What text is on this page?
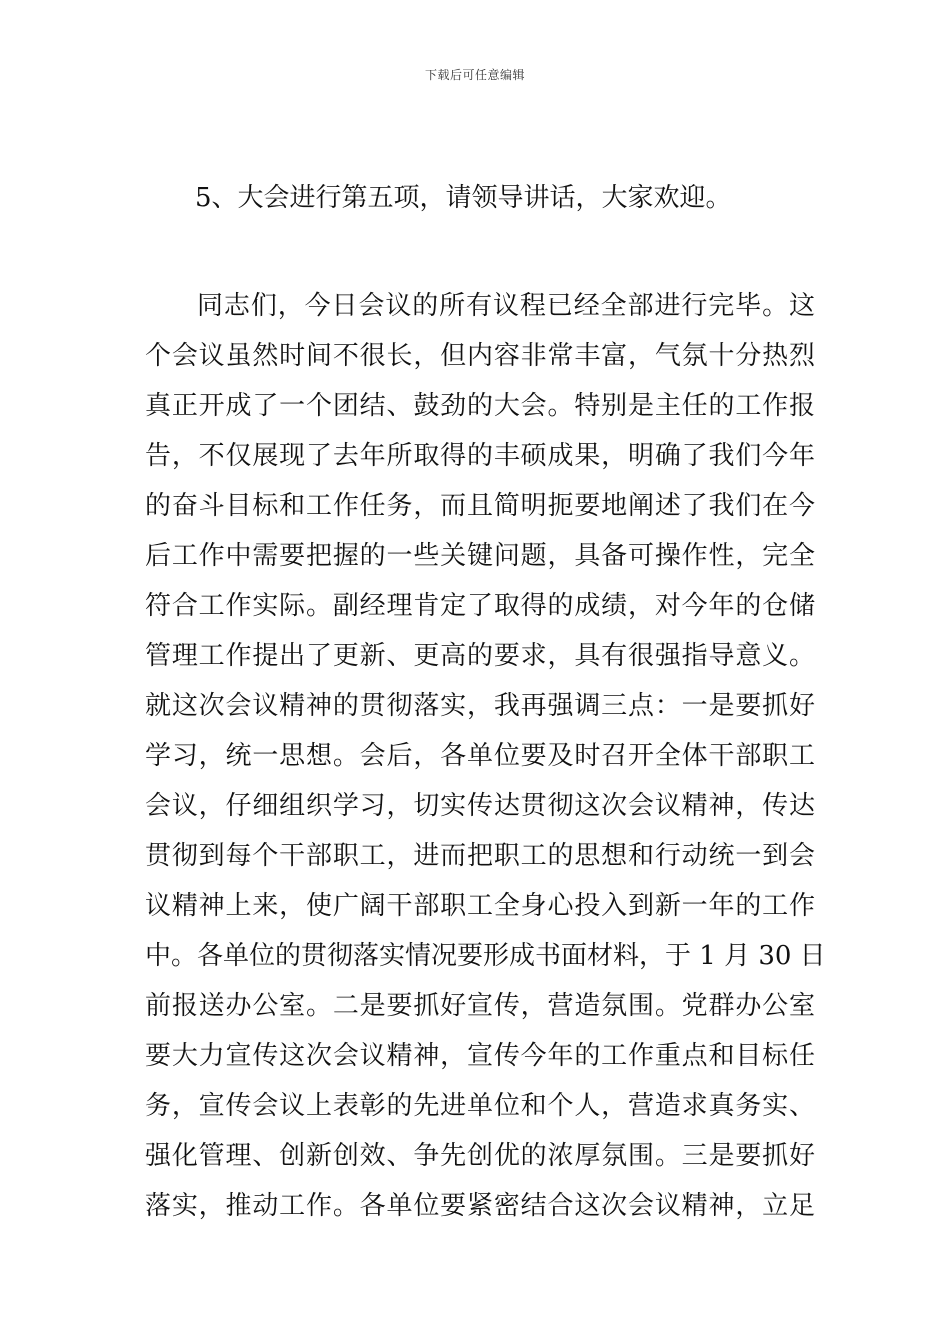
下载后可任意编辑
5、大会进行第五项，请领导讲话，大家欢迎。
同志们，今日会议的所有议程已经全部进行完毕。这
个会议虽然时间不很长，但内容非常丰富，气氛十分热烈
真正开成了一个团结、鼓劲的大会。特别是主任的工作报
告，不仅展现了去年所取得的丰硕成果，明确了我们今年
的奋斗目标和工作任务，而且简明扼要地阐述了我们在今
后工作中需要把握的一些关键问题，具备可操作性，完全
符合工作实际。副经理肯定了取得的成绩，对今年的仓储
管理工作提出了更新、更高的要求，具有很强指导意义。
就这次会议精神的贯彻落实，我再强调三点：一是要抓好
学习，统一思想。会后，各单位要及时召开全体干部职工
会议，仔细组织学习，切实传达贯彻这次会议精神，传达
贯彻到每个干部职工，进而把职工的思想和行动统一到会
议精神上来，使广阔干部职工全身心投入到新一年的工作
中。各单位的贯彻落实情况要形成书面材料，于 1 月 30 日
前报送办公室。二是要抓好宣传，营造氛围。党群办公室
要大力宣传这次会议精神，宣传今年的工作重点和目标任
务，宣传会议上表彰的先进单位和个人，营造求真务实、
强化管理、创新创效、争先创优的浓厚氛围。三是要抓好
落实，推动工作。各单位要紧密结合这次会议精神，立足
